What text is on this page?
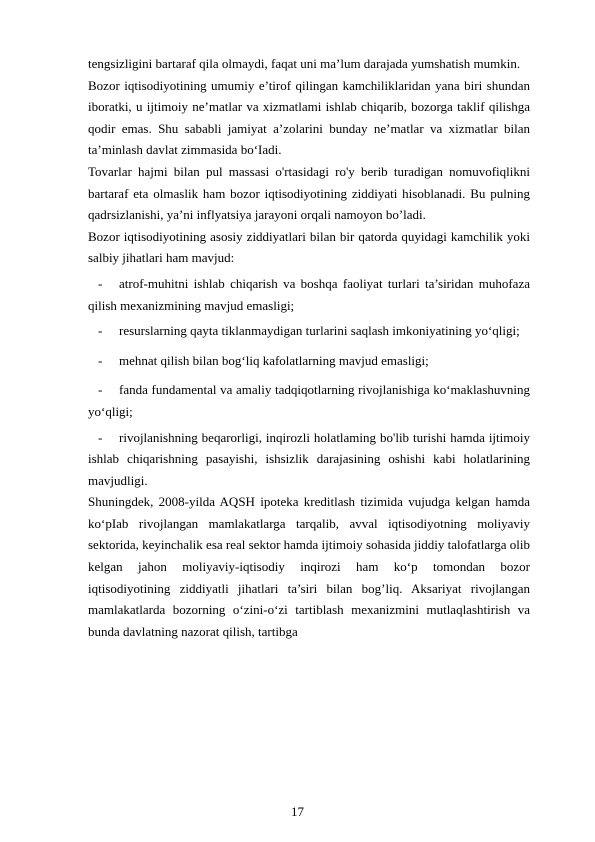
tengsizligini bartaraf qila olmaydi, faqat uni ma’lum darajada yumshatish mumkin.

Bozor iqtisodiyotining umumiy e’tirof qilingan kamchiliklaridan yana biri shundan iboratki, u ijtimoiy ne’matlar va xizmatlami ishlab chiqarib, bozorga taklif qilishga qodir emas. Shu sababli jamiyat a’zolarini bunday ne’matlar va xizmatlar bilan ta’minlash davlat zimmasida bo‘Iadi.

Tovarlar hajmi bilan pul massasi o'rtasidagi ro'y berib turadigan nomuvofiqlikni bartaraf eta olmaslik ham bozor iqtisodiyotining ziddiyati hisoblanadi. Bu pulning qadrsizlanishi, ya’ni inflyatsiya jarayoni orqali namoyon bo’ladi.

Bozor iqtisodiyotining asosiy ziddiyatlari bilan bir qatorda quyidagi kamchilik yoki salbiy jihatlari ham mavjud:

-	atrof-muhitni ishlab chiqarish va boshqa faoliyat turlari ta’siridan muhofaza qilish mexanizmining mavjud emasligi;

-	resurslarning qayta tiklanmaydigan turlarini saqlash imkoniyatining yo‘qligi;

-	mehnat qilish bilan bog‘liq kafolatlarning mavjud emasligi;

-	fanda fundamental va amaliy tadqiqotlarning rivojlanishiga ko‘maklashuvning yo‘qligi;

-	rivojlanishning beqarorligi, inqirozli holatlaming bo'lib turishi hamda ijtimoiy ishlab chiqarishning pasayishi, ishsizlik darajasining oshishi kabi holatlarining mavjudligi.

Shuningdek, 2008-yilda AQSH ipoteka kreditlash tizimida vujudga kelgan hamda ko‘pIab rivojlangan mamlakatlarga tarqalib, avval iqtisodiyotning moliyaviy sektorida, keyinchalik esa real sektor hamda ijtimoiy sohasida jiddiy talofatlarga olib kelgan jahon moliyaviy-iqtisodiy inqirozi ham ko‘p tomondan bozor iqtisodiyotining ziddiyatli jihatlari ta’siri bilan bog’liq. Aksariyat rivojlangan mamlakatlarda bozorning o‘zini-o‘zi tartiblash mexanizmini mutlaqlashtirish va bunda davlatning nazorat qilish, tartibga

17
